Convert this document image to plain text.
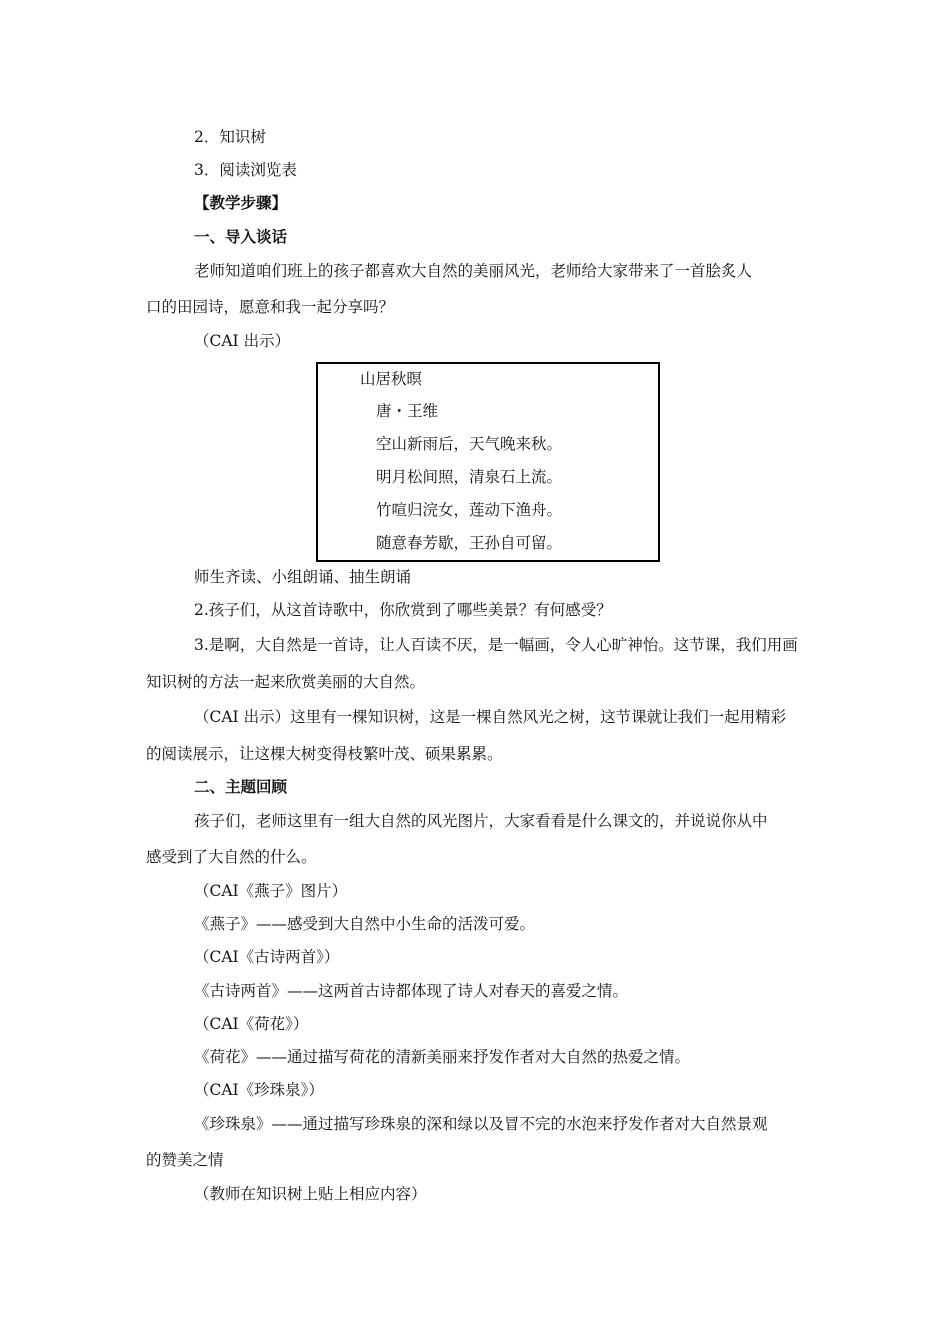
2．知识树
3．阅读浏览表
【教学步骤】
一、导入谈话
老师知道咱们班上的孩子都喜欢大自然的美丽风光，老师给大家带来了一首脍炙人
口的田园诗，愿意和我一起分享吗？
（CAI 出示）
山居秋暝
唐・王维
空山新雨后，天气晚来秋。
明月松间照，清泉石上流。
竹喧归浣女，莲动下渔舟。
随意春芳歇，王孙自可留。
师生齐读、小组朗诵、抽生朗诵
2.孩子们，从这首诗歌中，你欣赏到了哪些美景？有何感受？
3.是啊，大自然是一首诗，让人百读不厌，是一幅画，令人心旷神怡。这节课，我们用画
知识树的方法一起来欣赏美丽的大自然。
（CAI 出示）这里有一棵知识树，这是一棵自然风光之树，这节课就让我们一起用精彩
的阅读展示，让这棵大树变得枝繁叶茂、硕果累累。
二、主题回顾
孩子们，老师这里有一组大自然的风光图片，大家看看是什么课文的，并说说你从中
感受到了大自然的什么。
（CAI《燕子》图片）
《燕子》——感受到大自然中小生命的活泼可爱。
（CAI《古诗两首》）
《古诗两首》——这两首古诗都体现了诗人对春天的喜爱之情。
（CAI《荷花》）
《荷花》——通过描写荷花的清新美丽来抒发作者对大自然的热爱之情。
（CAI《珍珠泉》）
《珍珠泉》——通过描写珍珠泉的深和绿以及冒不完的水泡来抒发作者对大自然景观
的赞美之情
（教师在知识树上贴上相应内容）
